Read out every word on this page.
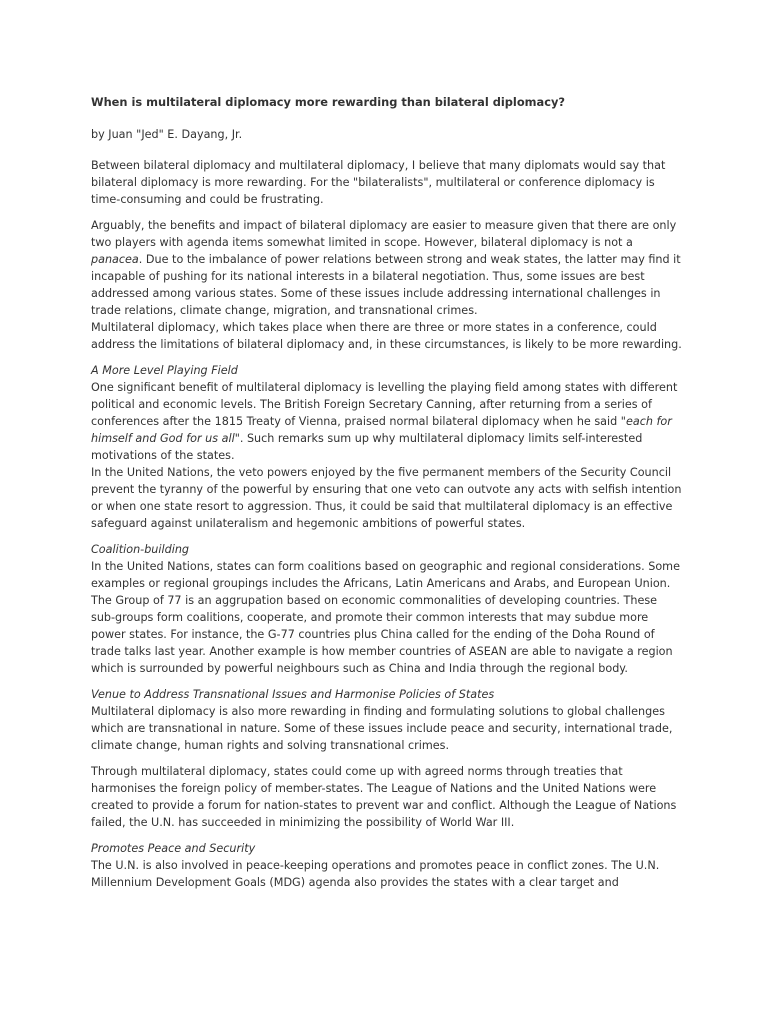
When is multilateral diplomacy more rewarding than bilateral diplomacy?
by Juan "Jed" E. Dayang, Jr.
Between bilateral diplomacy and multilateral diplomacy, I believe that many diplomats would say that bilateral diplomacy is more rewarding. For the "bilateralists", multilateral or conference diplomacy is time-consuming and could be frustrating.
Arguably, the benefits and impact of bilateral diplomacy are easier to measure given that there are only two players with agenda items somewhat limited in scope. However, bilateral diplomacy is not a panacea. Due to the imbalance of power relations between strong and weak states, the latter may find it incapable of pushing for its national interests in a bilateral negotiation. Thus, some issues are best addressed among various states. Some of these issues include addressing international challenges in trade relations, climate change, migration, and transnational crimes.
Multilateral diplomacy, which takes place when there are three or more states in a conference, could address the limitations of bilateral diplomacy and, in these circumstances, is likely to be more rewarding.
A More Level Playing Field
One significant benefit of multilateral diplomacy is levelling the playing field among states with different political and economic levels. The British Foreign Secretary Canning, after returning from a series of conferences after the 1815 Treaty of Vienna, praised normal bilateral diplomacy when he said "each for himself and God for us all". Such remarks sum up why multilateral diplomacy limits self-interested motivations of the states.
In the United Nations, the veto powers enjoyed by the five permanent members of the Security Council prevent the tyranny of the powerful by ensuring that one veto can outvote any acts with selfish intention or when one state resort to aggression. Thus, it could be said that multilateral diplomacy is an effective safeguard against unilateralism and hegemonic ambitions of powerful states.
Coalition-building
In the United Nations, states can form coalitions based on geographic and regional considerations. Some examples or regional groupings includes the Africans, Latin Americans and Arabs, and European Union. The Group of 77 is an aggrupation based on economic commonalities of developing countries. These sub-groups form coalitions, cooperate, and promote their common interests that may subdue more power states. For instance, the G-77 countries plus China called for the ending of the Doha Round of trade talks last year. Another example is how member countries of ASEAN are able to navigate a region which is surrounded by powerful neighbours such as China and India through the regional body.
Venue to Address Transnational Issues and Harmonise Policies of States
Multilateral diplomacy is also more rewarding in finding and formulating solutions to global challenges which are transnational in nature. Some of these issues include peace and security, international trade, climate change, human rights and solving transnational crimes.
Through multilateral diplomacy, states could come up with agreed norms through treaties that harmonises the foreign policy of member-states. The League of Nations and the United Nations were created to provide a forum for nation-states to prevent war and conflict. Although the League of Nations failed, the U.N. has succeeded in minimizing the possibility of World War III.
Promotes Peace and Security
The U.N. is also involved in peace-keeping operations and promotes peace in conflict zones. The U.N. Millennium Development Goals (MDG) agenda also provides the states with a clear target and
